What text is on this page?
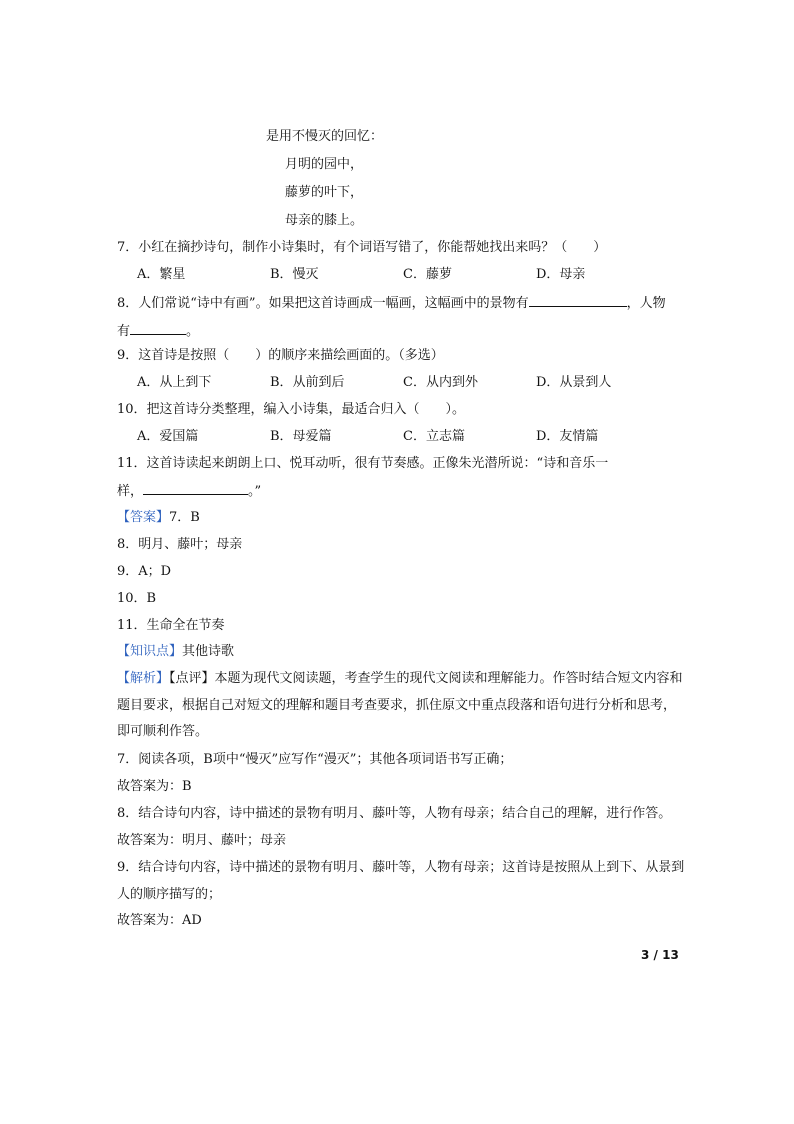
是用不慢灭的回忆：
月明的园中，
藤萝的叶下，
母亲的膝上。
7．小红在摘抄诗句，制作小诗集时，有个词语写错了，你能帮她找出来吗？（　　）
A．繁星	B．慢灭	C．藤萝	D．母亲
8．人们常说“诗中有画”。如果把这首诗画成一幅画，这幅画中的景物有	，人物
有	。
9．这首诗是按照（　　）的顺序来描绘画面的。（多选）
A．从上到下	B．从前到后	C．从内到外	D．从景到人
10．把这首诗分类整理，编入小诗集，最适合归入（　　）。
A．爱国篇	B．母爱篇	C．立志篇	D．友情篇
11．这首诗读起来朗朗上口、悦耳动听，很有节奏感。正像朱光潜所说：“诗和音乐一
样，	。”
【答案】7．B
8．明月、藤叶；母亲
9．A；D
10．B
11．生命全在节奏
【知识点】其他诗歌
【解析】【点评】本题为现代文阅读题，考查学生的现代文阅读和理解能力。作答时结合短文内容和
题目要求，根据自己对短文的理解和题目考查要求，抓住原文中重点段落和语句进行分析和思考，
即可顺利作答。
7．阅读各项，B项中“慢灭”应写作“漫灭”；其他各项词语书写正确；
故答案为：B
8．结合诗句内容，诗中描述的景物有明月、藤叶等，人物有母亲；结合自己的理解，进行作答。
故答案为：明月、藤叶；母亲
9．结合诗句内容，诗中描述的景物有明月、藤叶等，人物有母亲；这首诗是按照从上到下、从景到
人的顺序描写的；
故答案为：AD
3 / 13
